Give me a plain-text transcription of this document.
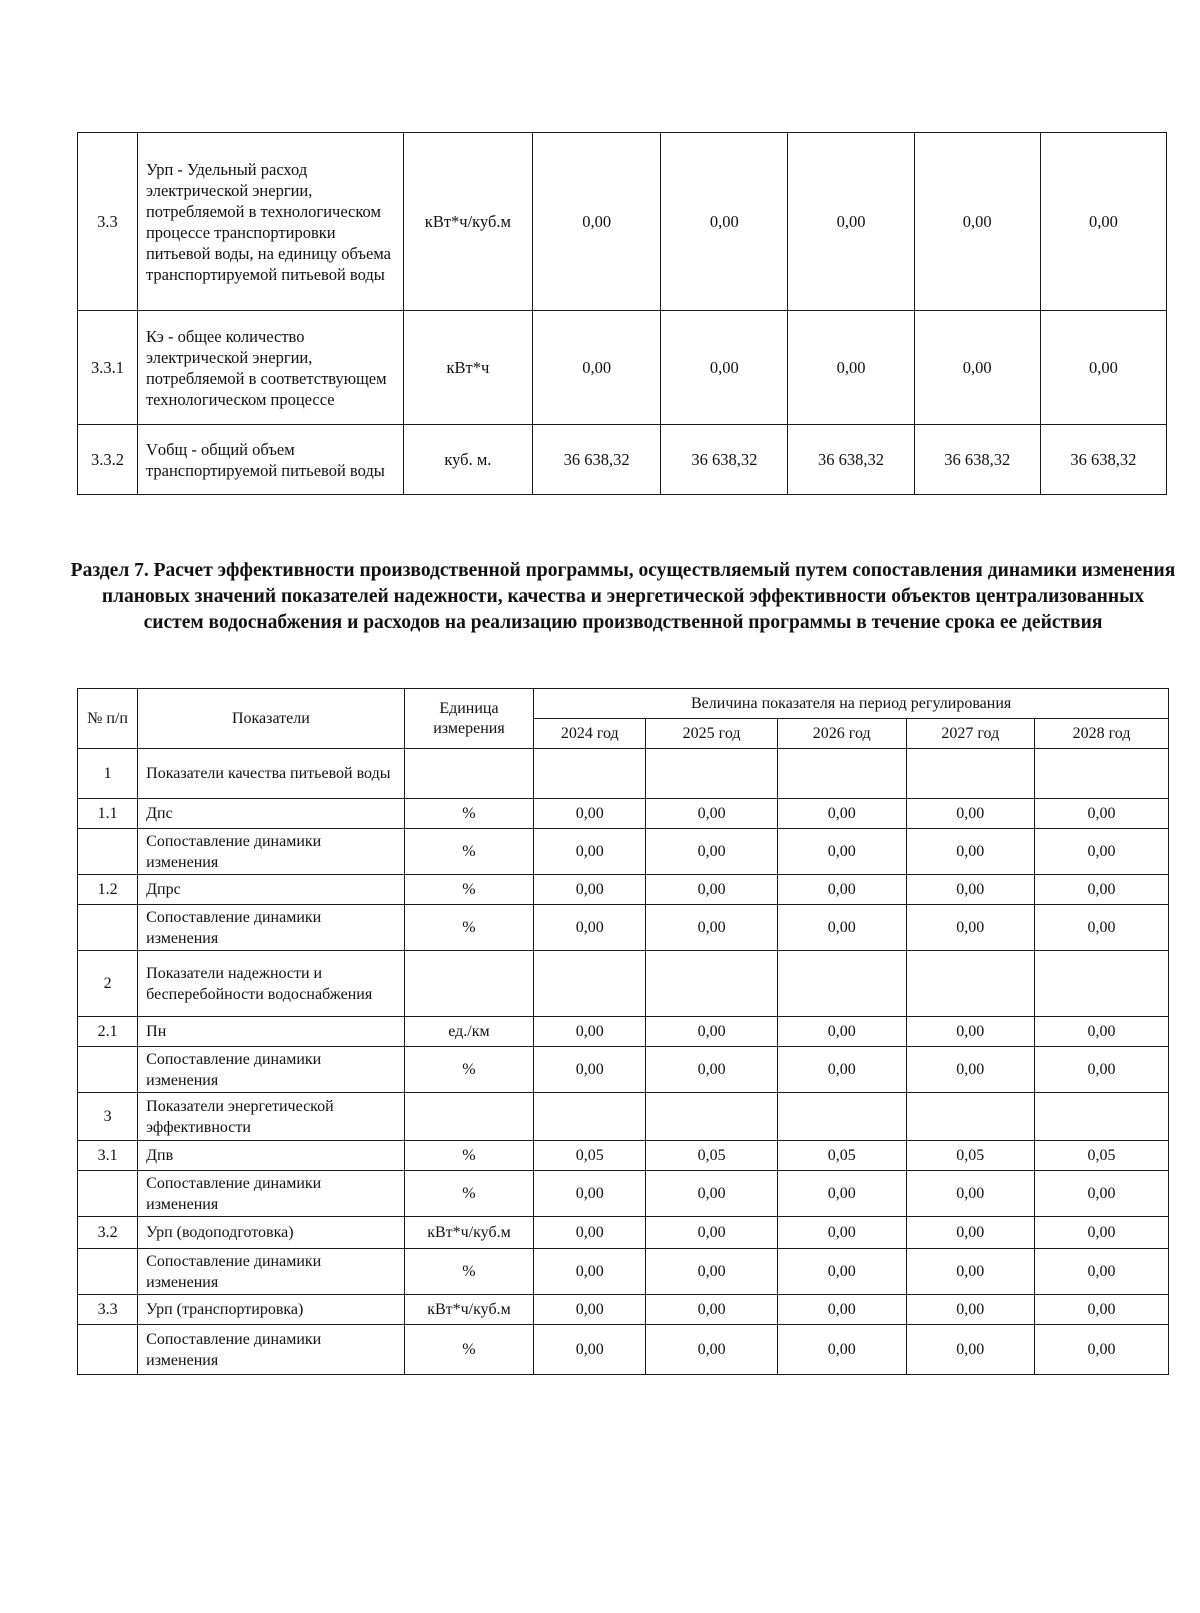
3.3	Урп - Удельный расход электрической энергии, потребляемой в технологическом процессе транспортировки питьевой воды, на единицу объема транспортируемой питьевой воды	кВт*ч/куб.м	0,00	0,00	0,00	0,00	0,00
3.3.1	Кэ - общее количество электрической энергии, потребляемой в соответствующем технологическом процессе	кВт*ч	0,00	0,00	0,00	0,00	0,00
3.3.2	Vобщ - общий объем транспортируемой питьевой воды	куб. м.	36 638,32	36 638,32	36 638,32	36 638,32	36 638,32
Раздел 7. Расчет эффективности производственной программы, осуществляемый путем сопоставления динамики изменения плановых значений показателей надежности, качества и энергетической эффективности объектов централизованных систем водоснабжения и расходов на реализацию производственной программы в течение срока ее действия
№ п/п	Показатели	Единица измерения	Величина показателя на период регулирования				
			2024 год	2025 год	2026 год	2027 год	2028 год
1	Показатели качества питьевой воды						
1.1	Дпс	%	0,00	0,00	0,00	0,00	0,00
	Сопоставление динамики изменения	%	0,00	0,00	0,00	0,00	0,00
1.2	Дпрс	%	0,00	0,00	0,00	0,00	0,00
	Сопоставление динамики изменения	%	0,00	0,00	0,00	0,00	0,00
2	Показатели надежности и бесперебойности водоснабжения						
2.1	Пн	ед./км	0,00	0,00	0,00	0,00	0,00
	Сопоставление динамики изменения	%	0,00	0,00	0,00	0,00	0,00
3	Показатели энергетической эффективности						
3.1	Дпв	%	0,05	0,05	0,05	0,05	0,05
	Сопоставление динамики изменения	%	0,00	0,00	0,00	0,00	0,00
3.2	Урп (водоподготовка)	кВт*ч/куб.м	0,00	0,00	0,00	0,00	0,00
	Сопоставление динамики изменения	%	0,00	0,00	0,00	0,00	0,00
3.3	Урп (транспортировка)	кВт*ч/куб.м	0,00	0,00	0,00	0,00	0,00
	Сопоставление динамики изменения	%	0,00	0,00	0,00	0,00	0,00
